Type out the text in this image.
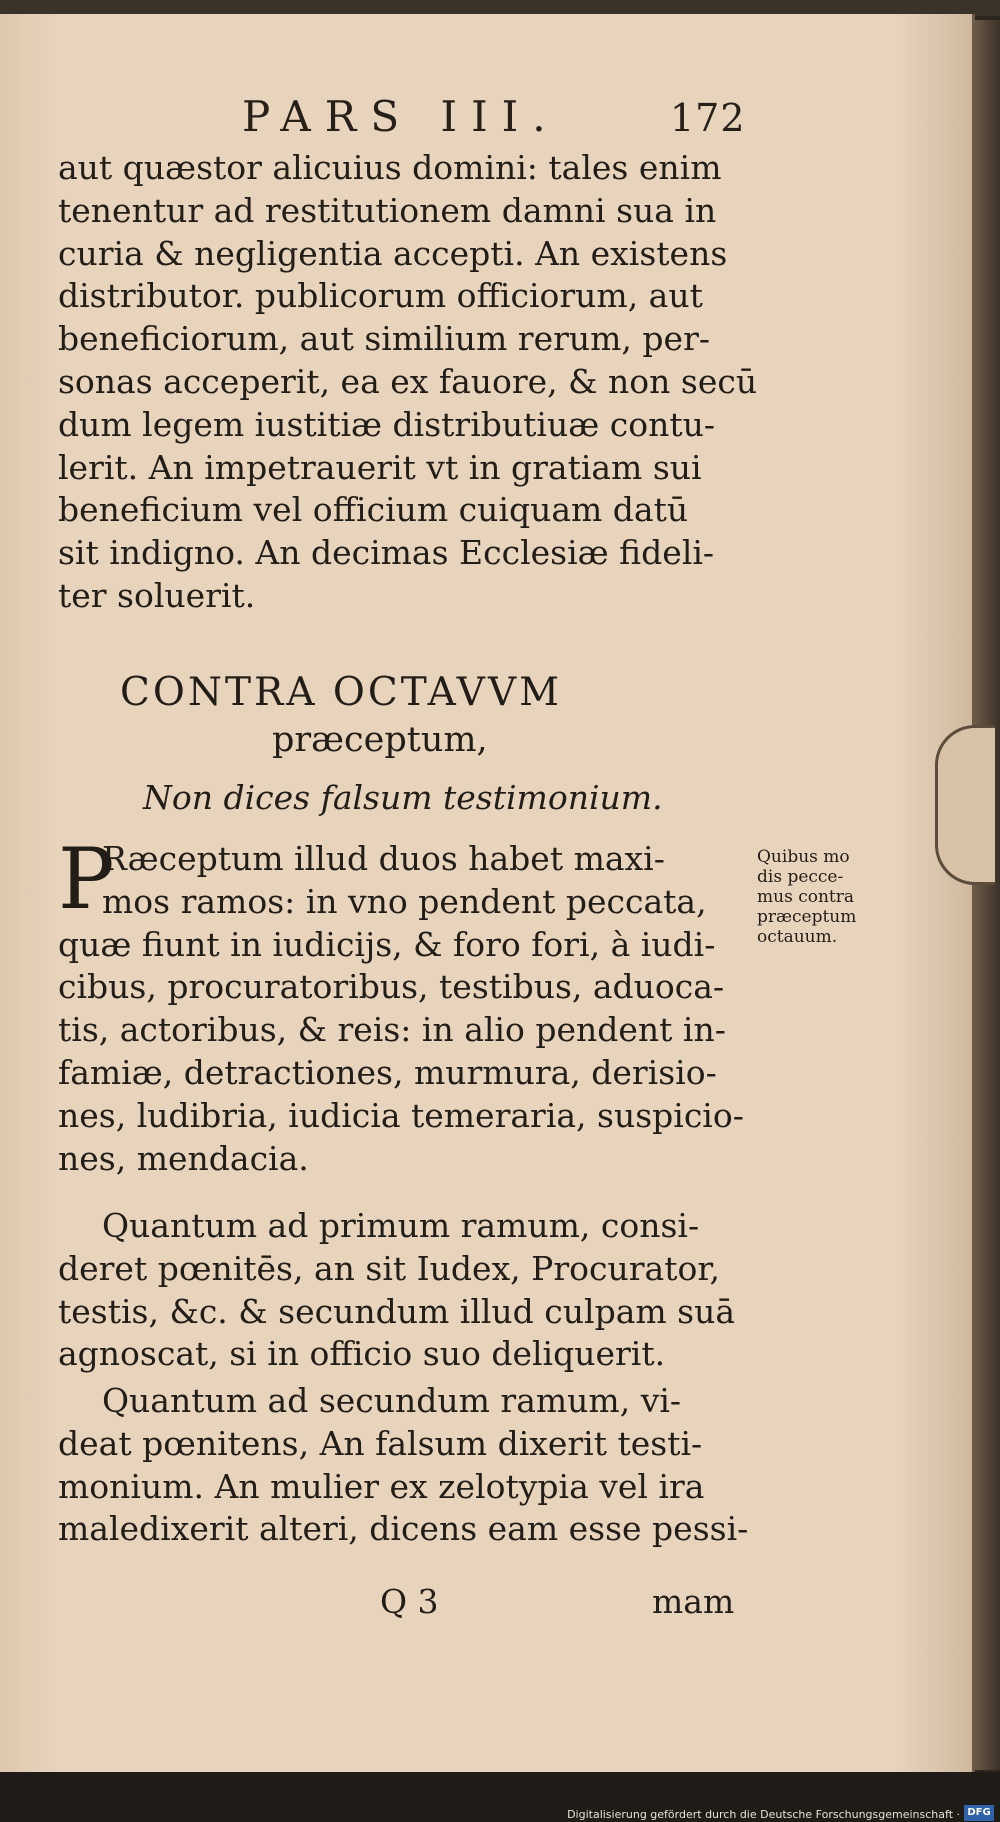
PARS III.	172
aut quæstor alicuius domini: tales enim
tenentur ad restitutionem damni sua in
curia & negligentia accepti. An existens
distributor. publicorum officiorum, aut
beneficiorum, aut similium rerum, per-
sonas acceperit, ea ex fauore, & non secū
dum legem iustitiæ distributiuæ contu-
lerit. An impetrauerit vt in gratiam sui
beneficium vel officium cuiquam datū
sit indigno. An decimas Ecclesiæ fideli-
ter soluerit.
CONTRA OCTAVVM
præceptum,
Non dices falsum testimonium.
P
Ræceptum illud duos habet maxi-
mos ramos: in vno pendent peccata,
quæ fiunt in iudicijs, & foro fori, à iudi-
cibus, procuratoribus, testibus, aduoca-
tis, actoribus, & reis: in alio pendent in-
famiæ, detractiones, murmura, derisio-
nes, ludibria, iudicia temeraria, suspicio-
nes, mendacia.
Quibus mo
dis pecce-
mus contra
præceptum
octauum.
Quantum ad primum ramum, consi-
deret pœnitēs, an sit Iudex, Procurator,
testis, &c. & secundum illud culpam suā
agnoscat, si in officio suo deliquerit.
Quantum ad secundum ramum, vi-
deat pœnitens, An falsum dixerit testi-
monium. An mulier ex zelotypia vel ira
maledixerit alteri, dicens eam esse pessi-
Q 3	mam
Digitalisierung gefördert durch die Deutsche Forschungsgemeinschaft · DFG
